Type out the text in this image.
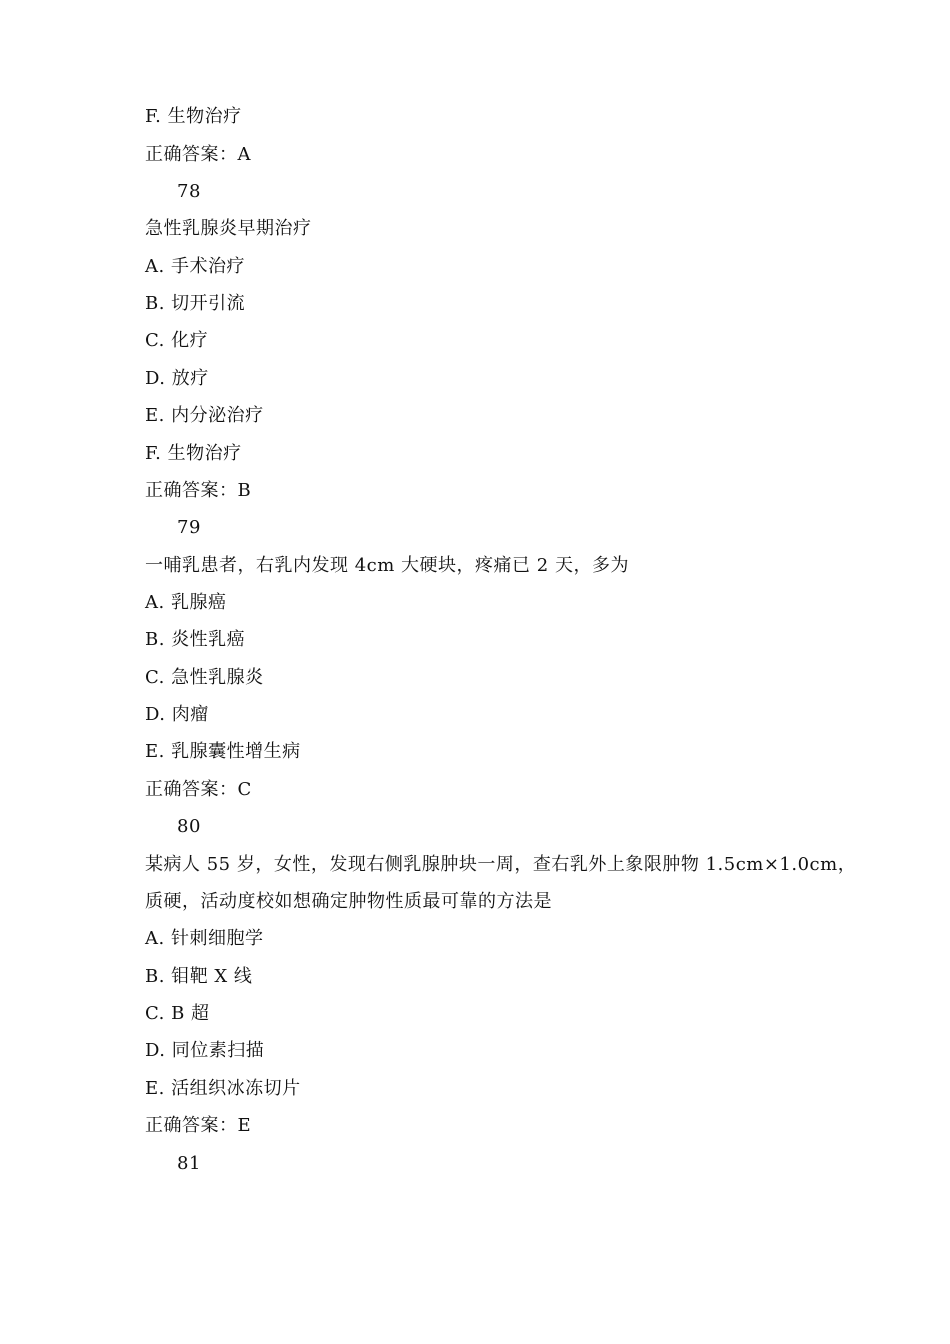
F. 生物治疗
正确答案：A
78
急性乳腺炎早期治疗
A. 手术治疗
B. 切开引流
C. 化疗
D. 放疗
E. 内分泌治疗
F. 生物治疗
正确答案：B
79
一哺乳患者，右乳内发现 4cm 大硬块，疼痛已 2 天，多为
A. 乳腺癌
B. 炎性乳癌
C. 急性乳腺炎
D. 肉瘤
E. 乳腺囊性增生病
正确答案：C
80
某病人 55 岁，女性，发现右侧乳腺肿块一周，查右乳外上象限肿物 1.5cm×1.0cm，
质硬，活动度校如想确定肿物性质最可靠的方法是
A. 针刺细胞学
B. 钼靶 X 线
C. B 超
D. 同位素扫描
E. 活组织冰冻切片
正确答案：E
81
